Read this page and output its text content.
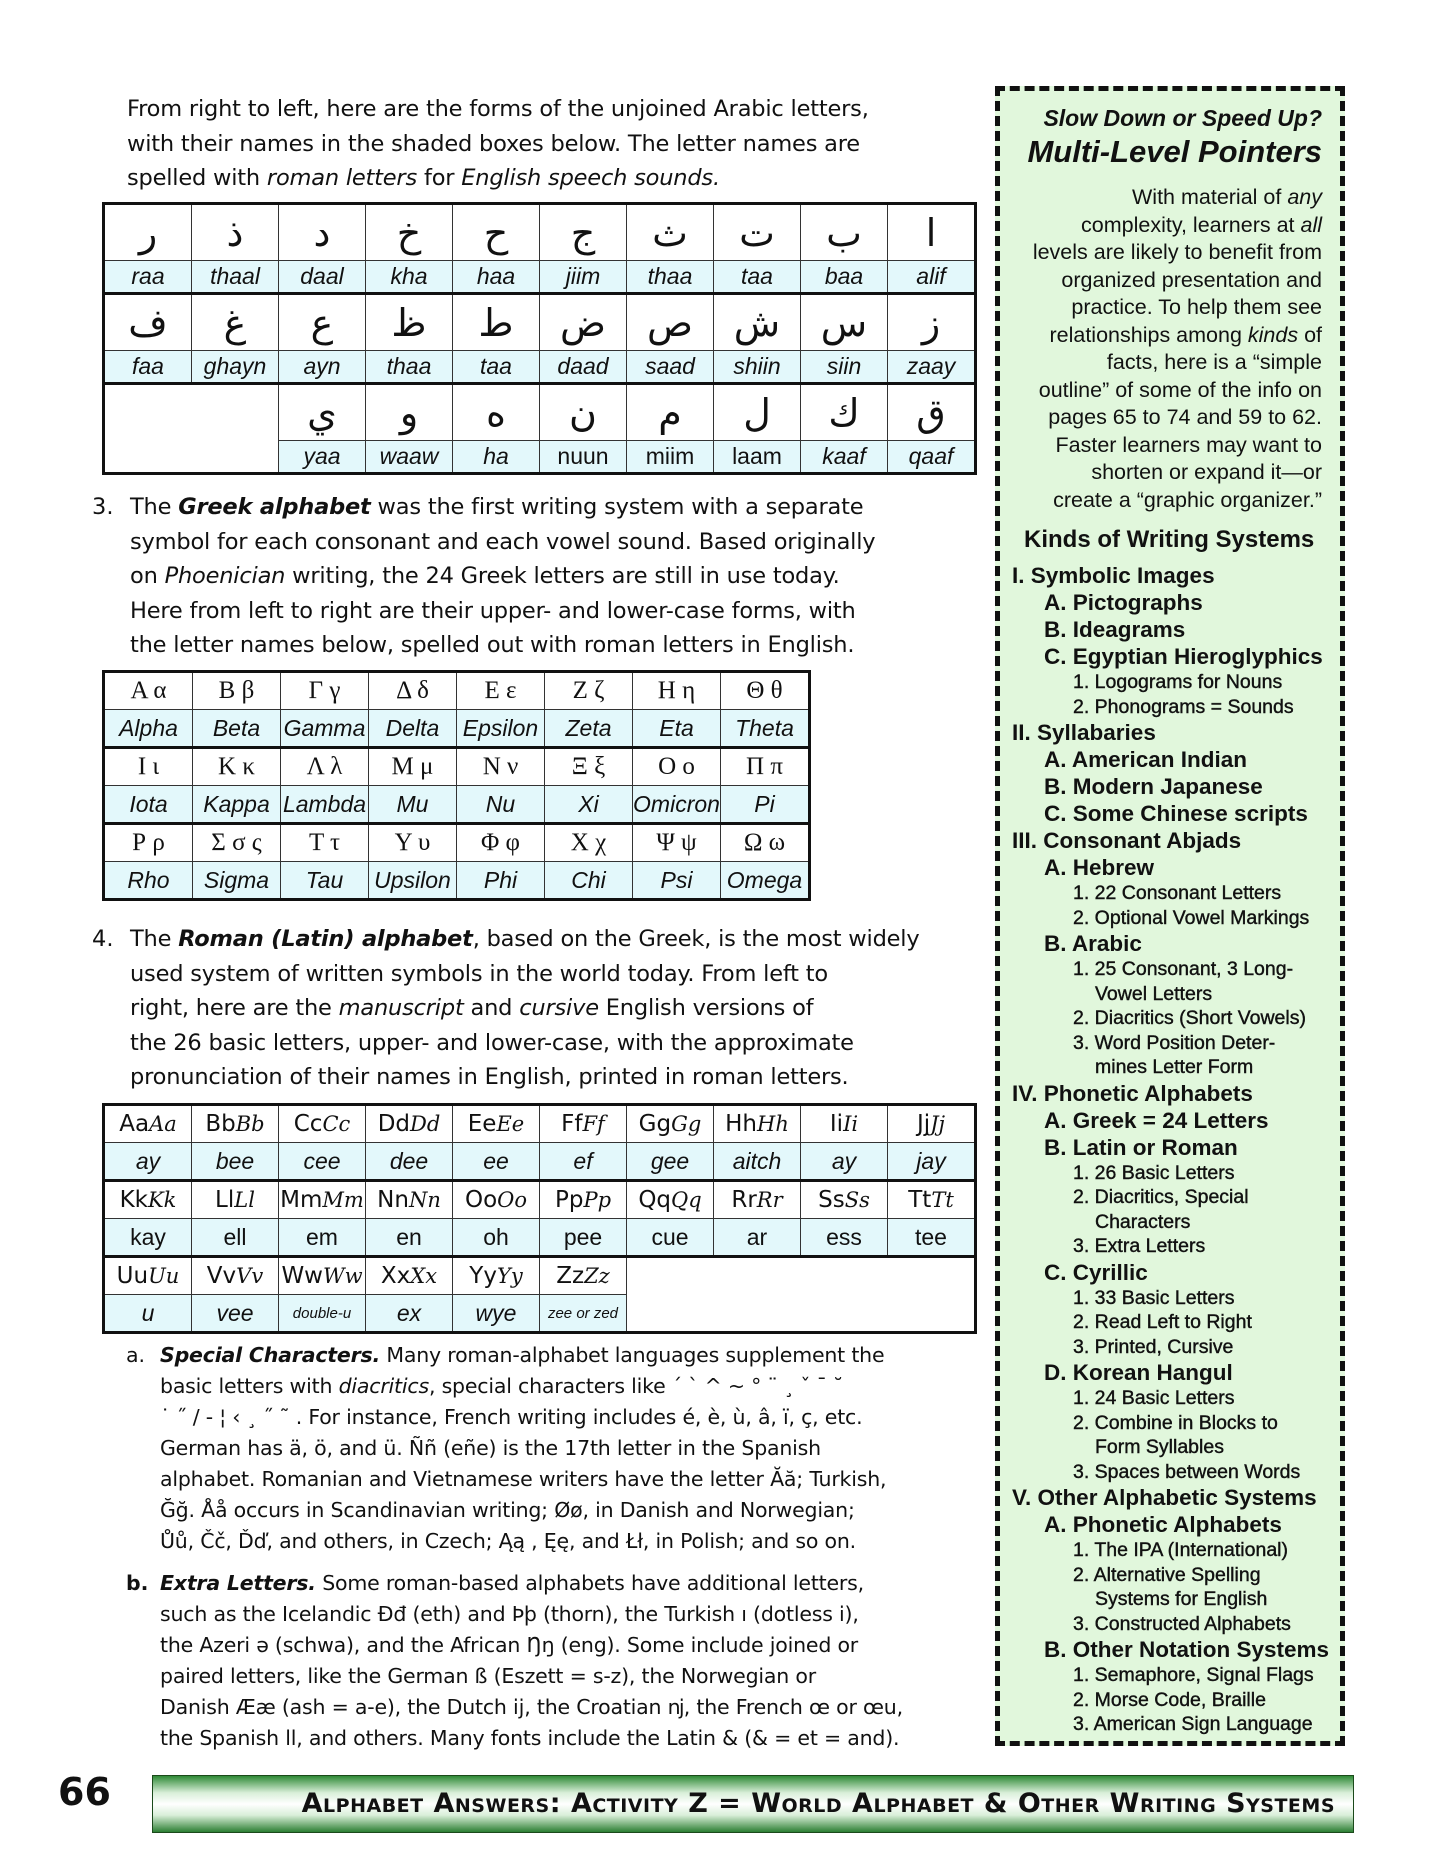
From right to left, here are the forms of the unjoined Arabic letters,

with their names in the shaded boxes below. The letter names are

spelled with roman letters for English speech sounds.

ر	ذ	د	خ	ح	ج	ث	ت	ب	ا
raa	thaal	daal	kha	haa	jiim	thaa	taa	baa	alif
ف	غ	ع	ظ	ط	ض	ص	ش	س	ز
faa	ghayn	ayn	thaa	taa	daad	saad	shiin	siin	zaay
		ي	و	ه	ن	م	ل	ك	ق
		yaa	waaw	ha	nuun	miim	laam	kaaf	qaaf
3. The Greek alphabet was the first writing system with a separate

symbol for each consonant and each vowel sound. Based originally

on Phoenician writing, the 24 Greek letters are still in use today.

Here from left to right are their upper- and lower-case forms, with

the letter names below, spelled out with roman letters in English.

Α α	Β β	Γ γ	Δ δ	Ε ε	Ζ ζ	Η η	Θ θ
Alpha	Beta	Gamma	Delta	Epsilon	Zeta	Eta	Theta
Ι ι	Κ κ	Λ λ	Μ μ	Ν ν	Ξ ξ	Ο ο	Π π
Iota	Kappa	Lambda	Mu	Nu	Xi	Omicron	Pi
Ρ ρ	Σ σ ς	Τ τ	Υ υ	Φ φ	Χ χ	Ψ ψ	Ω ω
Rho	Sigma	Tau	Upsilon	Phi	Chi	Psi	Omega
4. The Roman (Latin) alphabet, based on the Greek, is the most widely

used system of written symbols in the world today. From left to

right, here are the manuscript and cursive English versions of

the 26 basic letters, upper- and lower-case, with the approximate

pronunciation of their names in English, printed in roman letters.

AaAa	BbBb	CcCc	DdDd	EeEe	FfFf	GgGg	HhHh	IiIi	JjJj
ay	bee	cee	dee	ee	ef	gee	aitch	ay	jay
KkKk	LlLl	MmMm	NnNn	OoOo	PpPp	QqQq	RrRr	SsSs	TtTt
kay	ell	em	en	oh	pee	cue	ar	ess	tee
UuUu	VvVv	WwWw	XxXx	YyYy	ZzZz				
u	vee	double-u	ex	wye	zee or zed				
a. Special Characters. Many roman-alphabet languages supplement the

basic letters with diacritics, special characters like ´ ` ^ ~ ° ¨ ¸ ˇ ¯ ˘

˙ ˝ / - ¦ ‹ ¸ ˝ ˜ . For instance, French writing includes é, è, ù, â, ï, ç, etc.

German has ä, ö, and ü. Ññ (eñe) is the 17th letter in the Spanish

alphabet. Romanian and Vietnamese writers have the letter Ăă; Turkish,

Ğğ. Åå occurs in Scandinavian writing; Øø, in Danish and Norwegian;

Ůů, Čč, Ďď, and others, in Czech; Ąą , Ęę, and Łł, in Polish; and so on.

b. Extra Letters. Some roman-based alphabets have additional letters,

such as the Icelandic Ðđ (eth) and Þþ (thorn), the Turkish ı (dotless i),

the Azeri ə (schwa), and the African Ŋŋ (eng). Some include joined or

paired letters, like the German ß (Eszett = s-z), the Norwegian or

Danish Ææ (ash = a-e), the Dutch ĳ, the Croatian ǌ, the French œ or œu,

the Spanish ll, and others. Many fonts include the Latin & (& = et = and).

Slow Down or Speed Up?
Multi-Level Pointers
With material of any
complexity, learners at all
levels are likely to benefit from
organized presentation and
practice. To help them see
relationships among kinds of
facts, here is a “simple
outline” of some of the info on
pages 65 to 74 and 59 to 62.
Faster learners may want to
shorten or expand it—or
create a “graphic organizer.”
Kinds of Writing Systems
I. Symbolic Images
A. Pictographs
B. Ideagrams
C. Egyptian Hieroglyphics
1. Logograms for Nouns
2. Phonograms = Sounds
II. Syllabaries
A. American Indian
B. Modern Japanese
C. Some Chinese scripts
III. Consonant Abjads
A. Hebrew
1. 22 Consonant Letters
2. Optional Vowel Markings
B. Arabic
1. 25 Consonant, 3 Long-
Vowel Letters
2. Diacritics (Short Vowels)
3. Word Position Deter-
mines Letter Form
IV. Phonetic Alphabets
A. Greek = 24 Letters
B. Latin or Roman
1. 26 Basic Letters
2. Diacritics, Special
Characters
3. Extra Letters
C. Cyrillic
1. 33 Basic Letters
2. Read Left to Right
3. Printed, Cursive
D. Korean Hangul
1. 24 Basic Letters
2. Combine in Blocks to
Form Syllables
3. Spaces between Words
V. Other Alphabetic Systems
A. Phonetic Alphabets
1. The IPA (International)
2. Alternative Spelling
Systems for English
3. Constructed Alphabets
B. Other Notation Systems
1. Semaphore, Signal Flags
2. Morse Code, Braille
3. American Sign Language
66	Alphabet Answers: Activity Z = World Alphabet & Other Writing Systems
